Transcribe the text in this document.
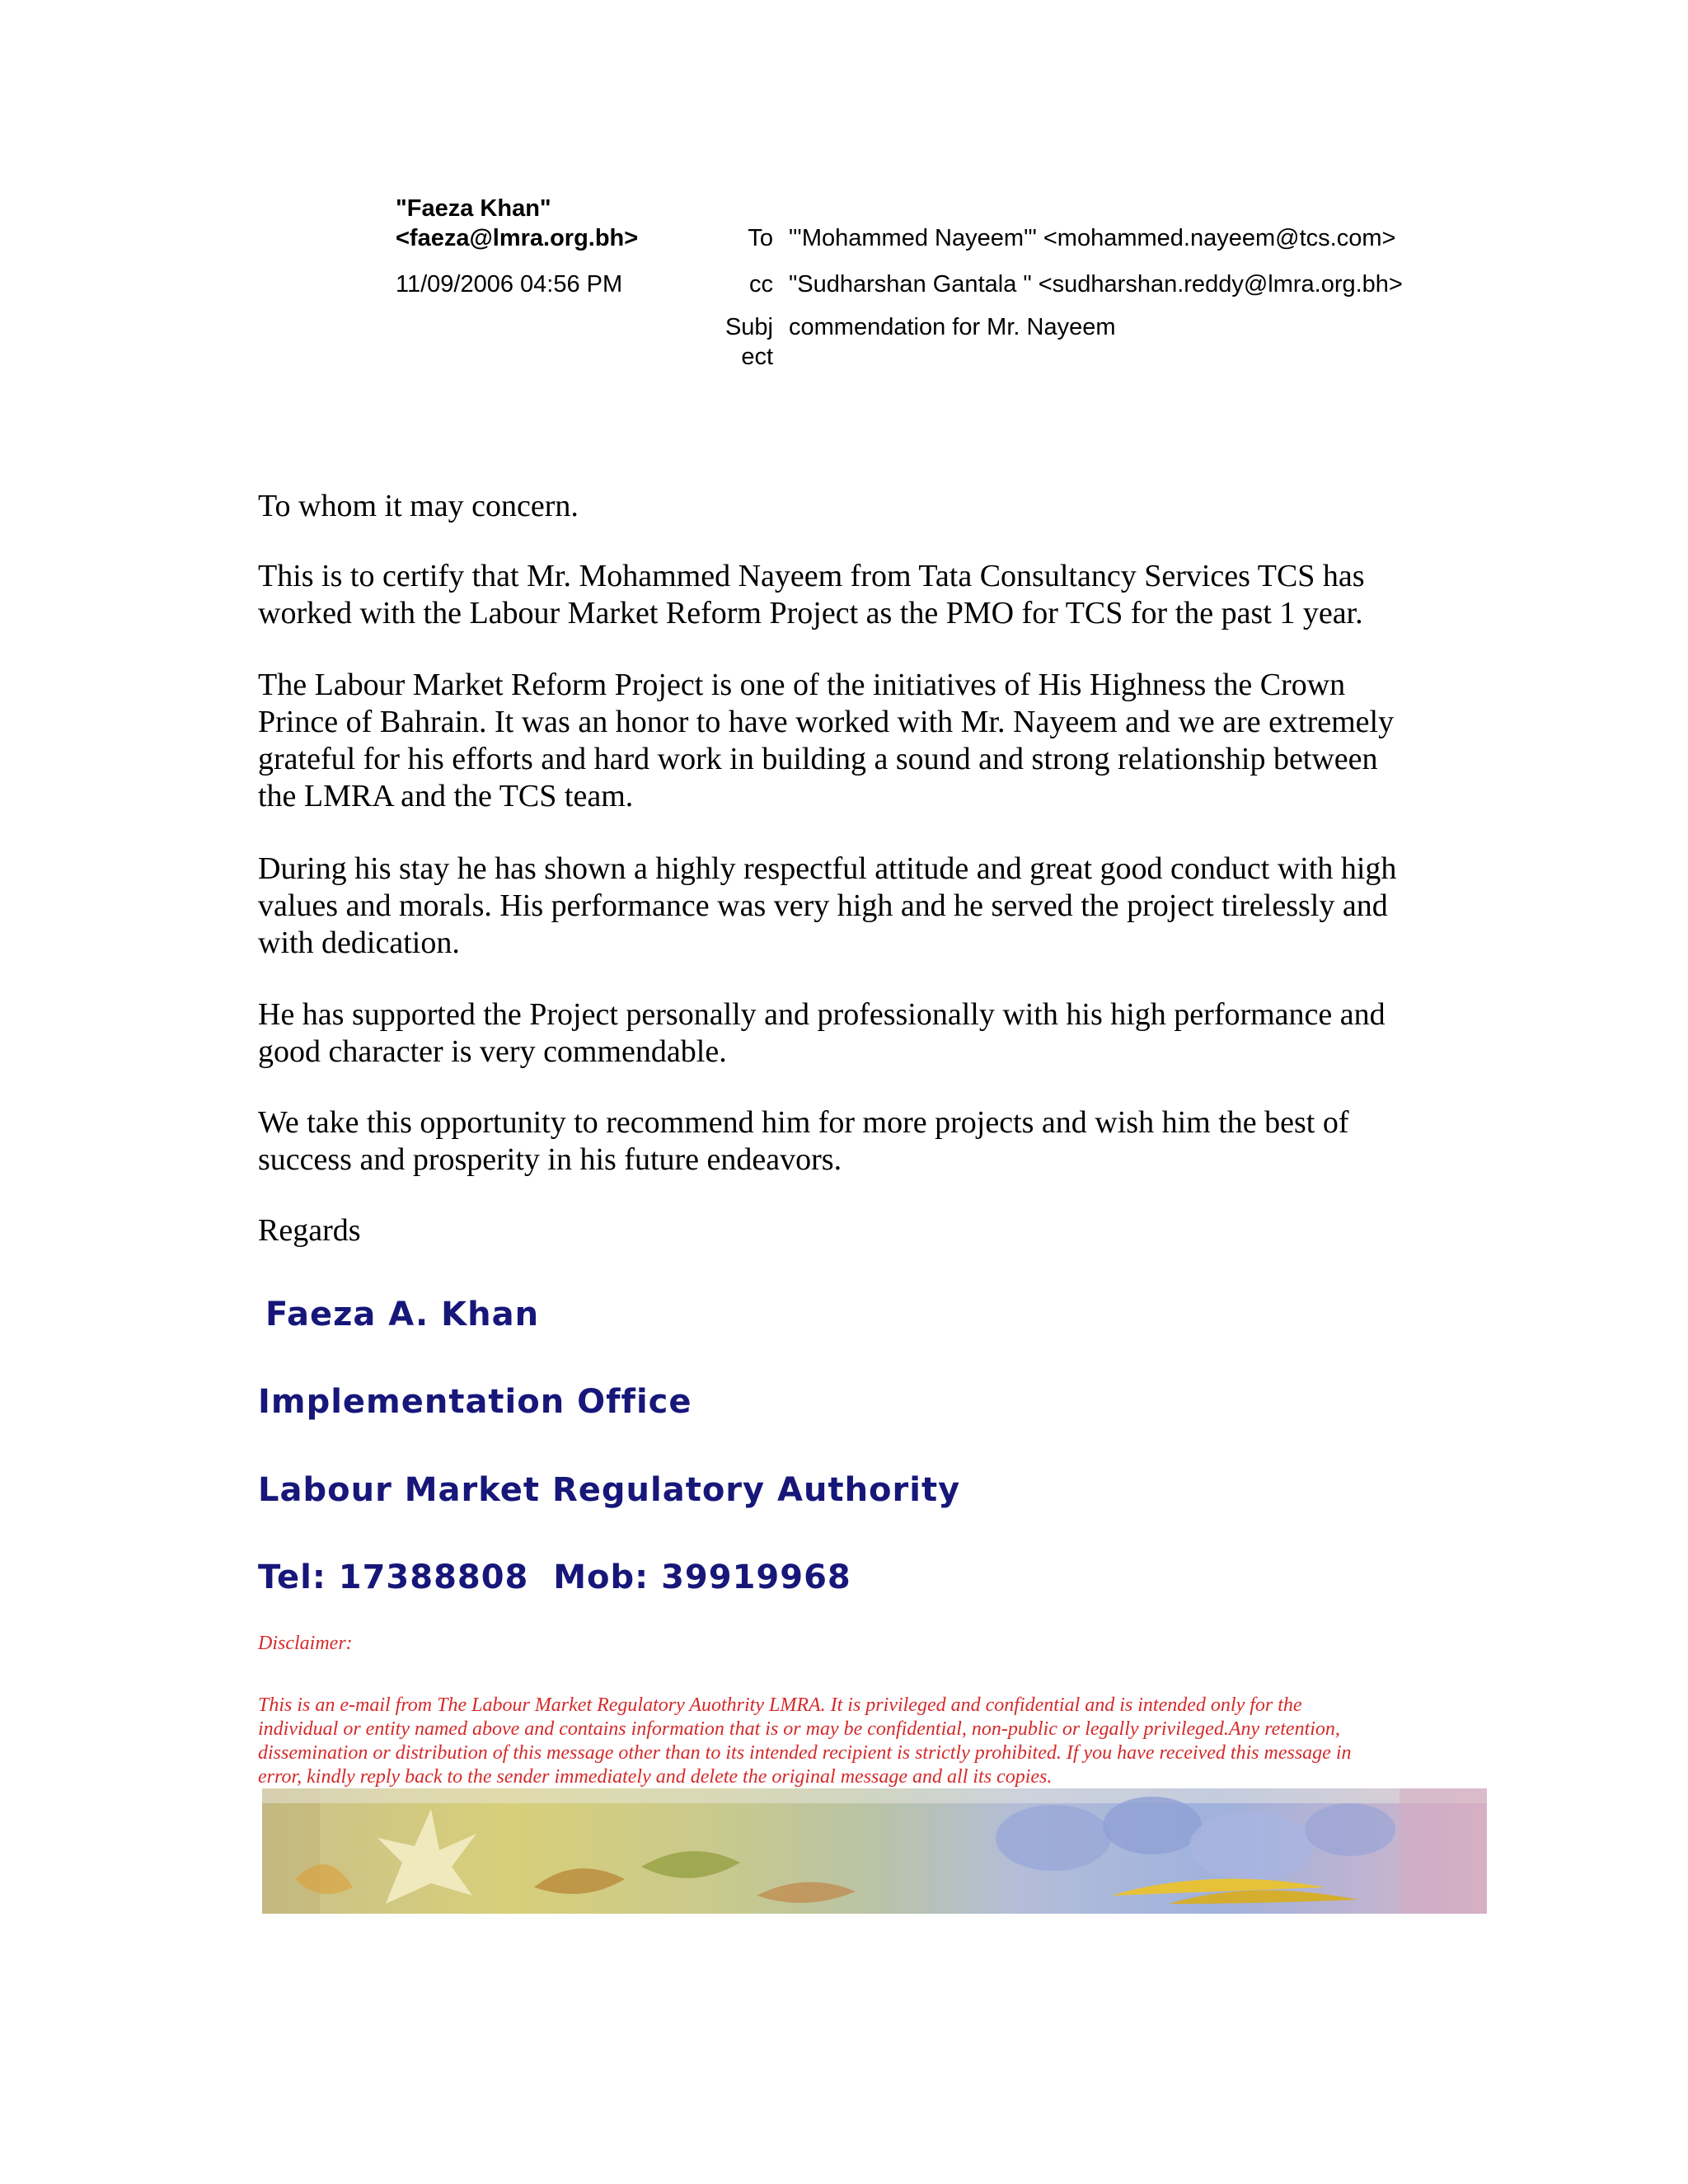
"Faeza Khan"
<faeza@lmra.org.bh>
11/09/2006 04:56 PM
To "'Mohammed Nayeem'" <mohammed.nayeem@tcs.com>
cc "Sudharshan Gantala " <sudharshan.reddy@lmra.org.bh>
Subj
ect
commendation for Mr. Nayeem
To whom it may concern.
This is to certify that Mr. Mohammed Nayeem from Tata Consultancy Services TCS has
worked with the Labour Market Reform Project as the PMO for TCS for the past 1 year.
The Labour Market Reform Project is one of the initiatives of His Highness the Crown
Prince of Bahrain. It was an honor to have worked with Mr. Nayeem and we are extremely
grateful for his efforts and hard work in building a sound and strong relationship between
the LMRA and the TCS team.
During his stay he has shown a highly respectful attitude and great good conduct with high
values and morals. His performance was very high and he served the project tirelessly and
with dedication.
He has supported the Project personally and professionally with his high performance and
good character is very commendable.
We take this opportunity to recommend him for more projects and wish him the best of
success and prosperity in his future endeavors.
Regards
Faeza A. Khan
Implementation Office
Labour Market Regulatory Authority
Tel: 17388808  Mob: 39919968
Disclaimer:
This is an e-mail from The Labour Market Regulatory Auothrity LMRA. It is privileged and confidential and is intended only for the
individual or entity named above and contains information that is or may be confidential, non-public or legally privileged.Any retention,
dissemination or distribution of this message other than to its intended recipient is strictly prohibited. If you have received this message in
error, kindly reply back to the sender immediately and delete the original message and all its copies.
